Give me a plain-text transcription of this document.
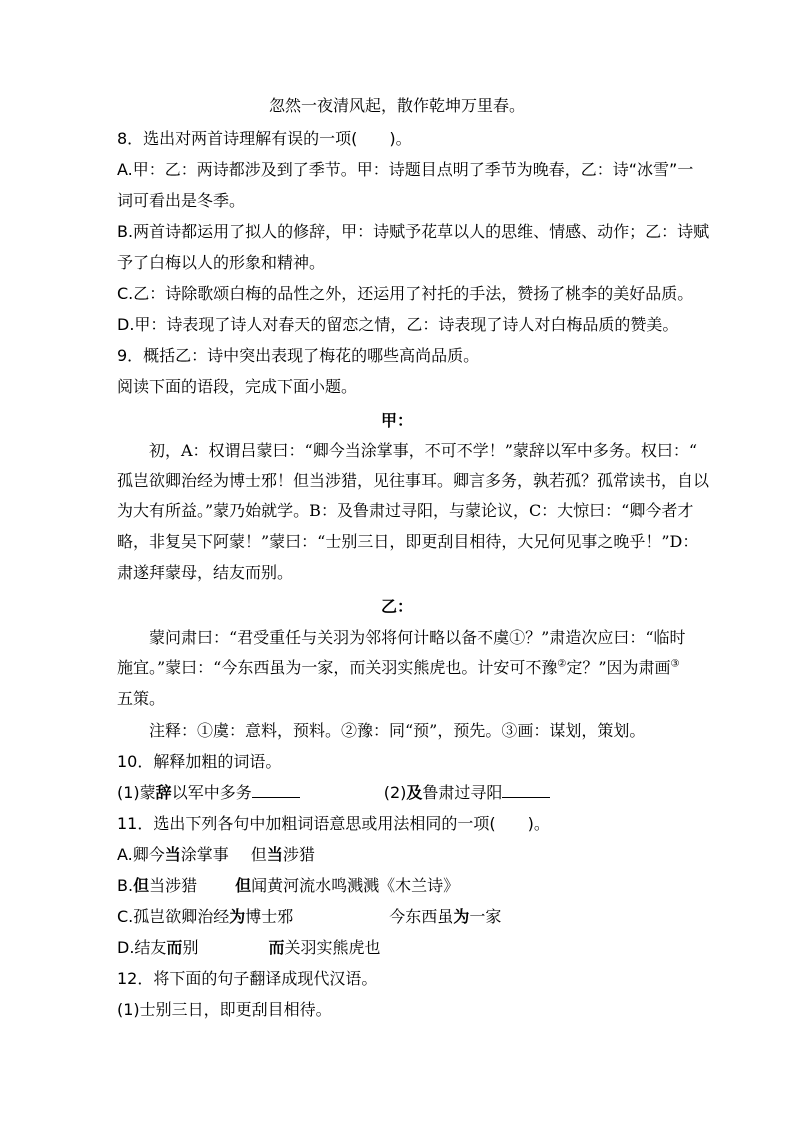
忽然一夜清风起，散作乾坤万里春。
8．选出对两首诗理解有误的一项(　　)。
A.甲：乙：两诗都涉及到了季节。甲：诗题目点明了季节为晚春，乙：诗“冰雪”一
词可看出是冬季。
B.两首诗都运用了拟人的修辞，甲：诗赋予花草以人的思维、情感、动作；乙：诗赋
予了白梅以人的形象和精神。
C.乙：诗除歌颂白梅的品性之外，还运用了衬托的手法，赞扬了桃李的美好品质。
D.甲：诗表现了诗人对春天的留恋之情，乙：诗表现了诗人对白梅品质的赞美。
9．概括乙：诗中突出表现了梅花的哪些高尚品质。
阅读下面的语段，完成下面小题。
甲：
初，A：权谓吕蒙曰：“卿今当涂掌事，不可不学！”蒙辞以军中多务。权曰：“
孤岂欲卿治经为博士邪！但当涉猎，见往事耳。卿言多务，孰若孤？孤常读书，自以
为大有所益。”蒙乃始就学。B：及鲁肃过寻阳，与蒙论议，C：大惊曰：“卿今者才
略，非复吴下阿蒙！”蒙曰：“士别三日，即更刮目相待，大兄何见事之晚乎！”D：
肃遂拜蒙母，结友而别。
乙：
蒙问肃曰：“君受重任与关羽为邻将何计略以备不虞①？”肃造次应曰：“临时
施宜。”蒙曰：“今东西虽为一家，而关羽实熊虎也。计安可不豫②定？”因为肃画③
五策。
注释：①虞：意料，预料。②豫：同“预”，预先。③画：谋划，策划。
10．解释加粗的词语。
(1)蒙辞以军中多务	(2)及鲁肃过寻阳
11．选出下列各句中加粗词语意思或用法相同的一项(　　)。
A.卿今当涂掌事 但当涉猎
B.但当涉猎 但闻黄河流水鸣溅溅《木兰诗》
C.孤岂欲卿治经为博士邪	今东西虽为一家
D.结友而别	而关羽实熊虎也
12．将下面的句子翻译成现代汉语。
(1)士别三日，即更刮目相待。
